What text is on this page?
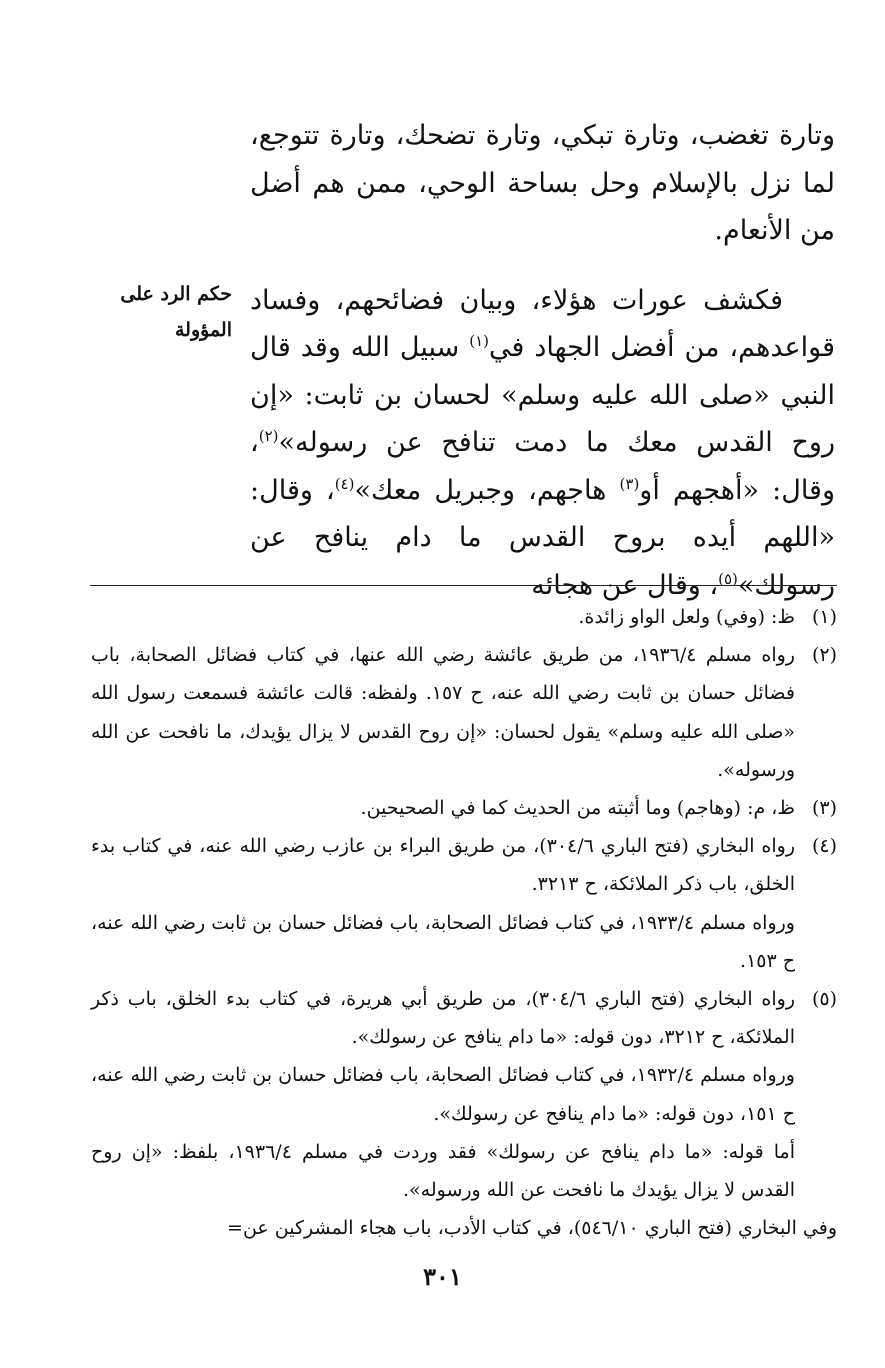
وتارة تغضب، وتارة تبكي، وتارة تضحك، وتارة تتوجع، لما نزل بالإسلام وحل بساحة الوحي، ممن هم أضل من الأنعام.

فكشف عورات هؤلاء، وبيان فضائحهم، وفساد قواعدهم، من أفضل الجهاد في$^{(١)}$ سبيل الله وقد قال النبي «صلى الله عليه وسلم» لحسان بن ثابت: «إن روح القدس معك ما دمت تنافح عن رسوله»$^{(٢)}$، وقال: «أهجهم أو$^{(٣)}$ هاجهم، وجبريل معك»$^{(٤)}$، وقال: «اللهم أيده بروح القدس ما دام ينافح عن رسولك»$^{(٥)}$، وقال عن هجائه

حكم الرد على
المؤولة
(١)

ظ: (وفي) ولعل الواو زائدة.

(٢)

رواه مسلم ١٩٣٦/٤، من طريق عائشة رضي الله عنها، في كتاب فضائل الصحابة، باب فضائل حسان بن ثابت رضي الله عنه، ح ١٥٧. ولفظه: قالت عائشة فسمعت رسول الله «صلى الله عليه وسلم» يقول لحسان: «إن روح القدس لا يزال يؤيدك، ما نافحت عن الله ورسوله».

(٣)

ظ، م: (وهاجم) وما أثبته من الحديث كما في الصحيحين.

(٤)

رواه البخاري (فتح الباري ٣٠٤/٦)، من طريق البراء بن عازب رضي الله عنه، في كتاب بدء الخلق، باب ذكر الملائكة، ح ٣٢١٣.

ورواه مسلم ١٩٣٣/٤، في كتاب فضائل الصحابة، باب فضائل حسان بن ثابت رضي الله عنه، ح ١٥٣.

(٥)

رواه البخاري (فتح الباري ٣٠٤/٦)، من طريق أبي هريرة، في كتاب بدء الخلق، باب ذكر الملائكة، ح ٣٢١٢، دون قوله: «ما دام ينافح عن رسولك».

ورواه مسلم ١٩٣٢/٤، في كتاب فضائل الصحابة، باب فضائل حسان بن ثابت رضي الله عنه، ح ١٥١، دون قوله: «ما دام ينافح عن رسولك».

أما قوله: «ما دام ينافح عن رسولك» فقد وردت في مسلم ١٩٣٦/٤، بلفظ: «إن روح القدس لا يزال يؤيدك ما نافحت عن الله ورسوله».

وفي البخاري (فتح الباري ٥٤٦/١٠)، في كتاب الأدب، باب هجاء المشركين عن=

٣٠١
